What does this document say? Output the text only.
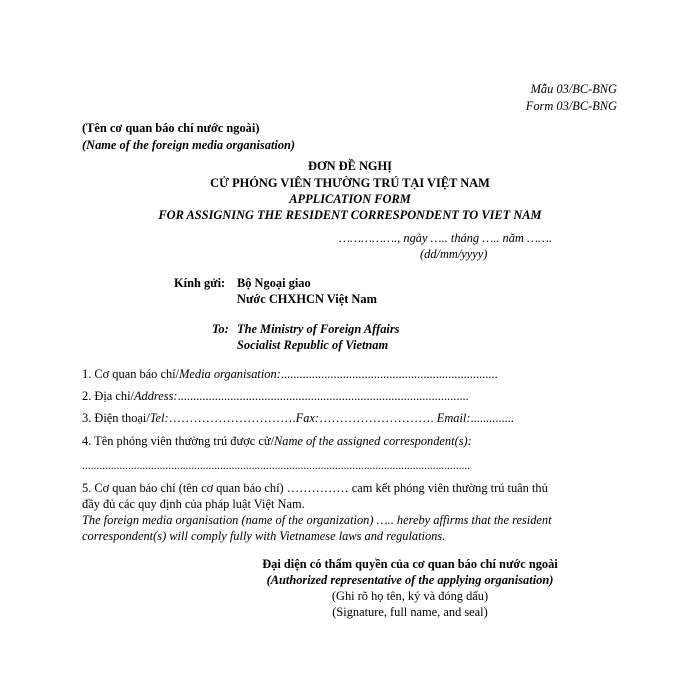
Mẫu 03/BC-BNG
Form 03/BC-BNG
(Tên cơ quan báo chí nước ngoài)
(Name of the foreign media organisation)
ĐƠN ĐỀ NGHỊ
CỬ PHÓNG VIÊN THƯỜNG TRÚ TẠI VIỆT NAM
APPLICATION FORM
FOR ASSIGNING THE RESIDENT CORRESPONDENT TO VIET NAM
……………., ngày ….. tháng ….. năm …….
(dd/mm/yyyy)
Kính gửi: Bộ Ngoại giao
Nước CHXHCN Việt Nam
To: The Ministry of Foreign Affairs
Socialist Republic of Vietnam
1. Cơ quan báo chí/Media organisation:......................................................................
2. Địa chỉ/Address:..............................................................................................
3. Điện thoại/Tel:………………………….Fax:………………………. Email:..............
4. Tên phóng viên thường trú được cử/Name of the assigned correspondent(s):
.......................................................................................................................................
5. Cơ quan báo chí (tên cơ quan báo chí) …………… cam kết phóng viên thường trú tuân thủ
đầy đủ các quy định của pháp luật Việt Nam.
The foreign media organisation (name of the organization) ….. hereby affirms that the resident
correspondent(s) will comply fully with Vietnamese laws and regulations.
Đại diện có thẩm quyền của cơ quan báo chí nước ngoài
(Authorized representative of the applying organisation)
(Ghi rõ họ tên, ký và đóng dấu)
(Signature, full name, and seal)
